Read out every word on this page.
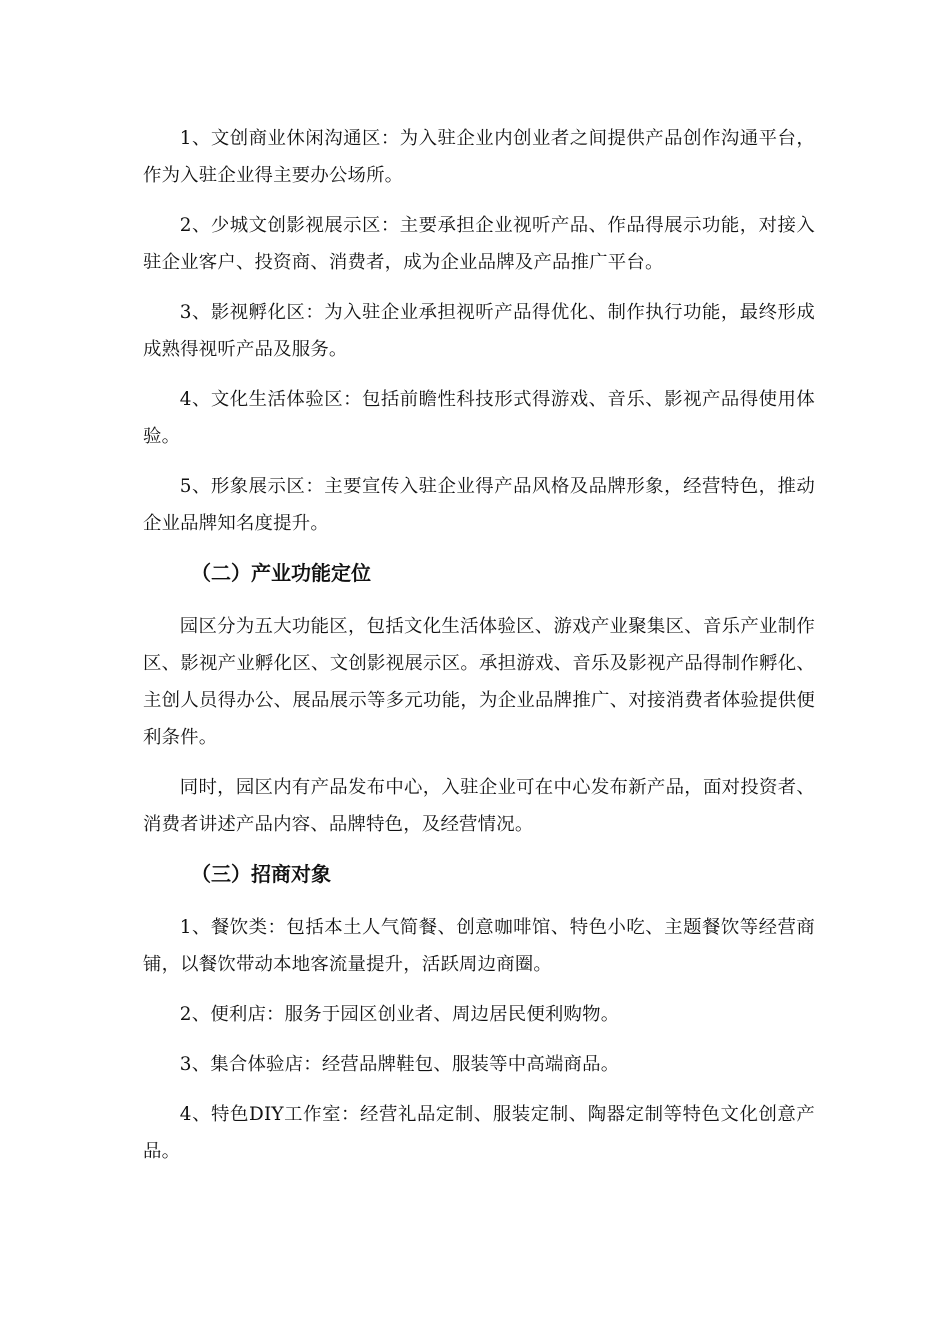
1、文创商业休闲沟通区：为入驻企业内创业者之间提供产品创作沟通平台，作为入驻企业得主要办公场所。

2、少城文创影视展示区：主要承担企业视听产品、作品得展示功能，对接入驻企业客户、投资商、消费者，成为企业品牌及产品推广平台。

3、影视孵化区：为入驻企业承担视听产品得优化、制作执行功能，最终形成成熟得视听产品及服务。

4、文化生活体验区：包括前瞻性科技形式得游戏、音乐、影视产品得使用体验。

5、形象展示区：主要宣传入驻企业得产品风格及品牌形象，经营特色，推动企业品牌知名度提升。

（二）产业功能定位

园区分为五大功能区，包括文化生活体验区、游戏产业聚集区、音乐产业制作区、影视产业孵化区、文创影视展示区。承担游戏、音乐及影视产品得制作孵化、主创人员得办公、展品展示等多元功能，为企业品牌推广、对接消费者体验提供便利条件。

同时，园区内有产品发布中心，入驻企业可在中心发布新产品，面对投资者、消费者讲述产品内容、品牌特色，及经营情况。

（三）招商对象

1、餐饮类：包括本土人气简餐、创意咖啡馆、特色小吃、主题餐饮等经营商铺，以餐饮带动本地客流量提升，活跃周边商圈。

2、便利店：服务于园区创业者、周边居民便利购物。

3、集合体验店：经营品牌鞋包、服装等中高端商品。

4、特色DIY工作室：经营礼品定制、服装定制、陶器定制等特色文化创意产品。
